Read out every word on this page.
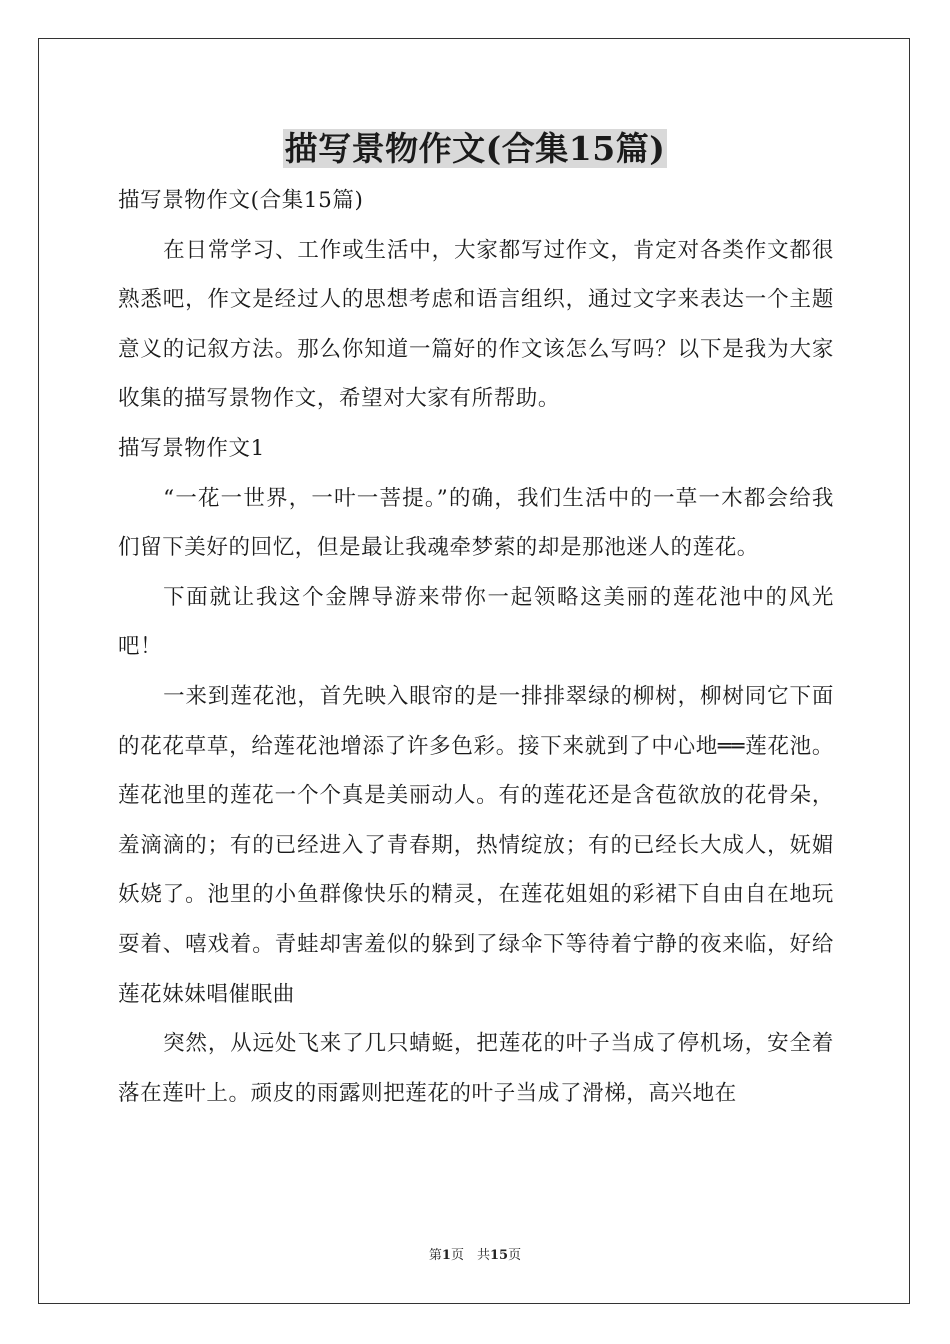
描写景物作文(合集15篇)

描写景物作文(合集15篇)

在日常学习、工作或生活中，大家都写过作文，肯定对各类作文都很熟悉吧，作文是经过人的思想考虑和语言组织，通过文字来表达一个主题意义的记叙方法。那么你知道一篇好的作文该怎么写吗？以下是我为大家收集的描写景物作文，希望对大家有所帮助。

描写景物作文1

“一花一世界，一叶一菩提。”的确，我们生活中的一草一木都会给我们留下美好的回忆，但是最让我魂牵梦萦的却是那池迷人的莲花。

下面就让我这个金牌导游来带你一起领略这美丽的莲花池中的风光吧！

一来到莲花池，首先映入眼帘的是一排排翠绿的柳树，柳树同它下面的花花草草，给莲花池增添了许多色彩。接下来就到了中心地══莲花池。莲花池里的莲花一个个真是美丽动人。有的莲花还是含苞欲放的花骨朵，羞滴滴的；有的已经进入了青春期，热情绽放；有的已经长大成人，妩媚妖娆了。池里的小鱼群像快乐的精灵，在莲花姐姐的彩裙下自由自在地玩耍着、嘻戏着。青蛙却害羞似的躲到了绿伞下等待着宁静的夜来临，好给莲花妹妹唱催眠曲

突然，从远处飞来了几只蜻蜓，把莲花的叶子当成了停机场，安全着落在莲叶上。顽皮的雨露则把莲花的叶子当成了滑梯，高兴地在

第1页　共15页
